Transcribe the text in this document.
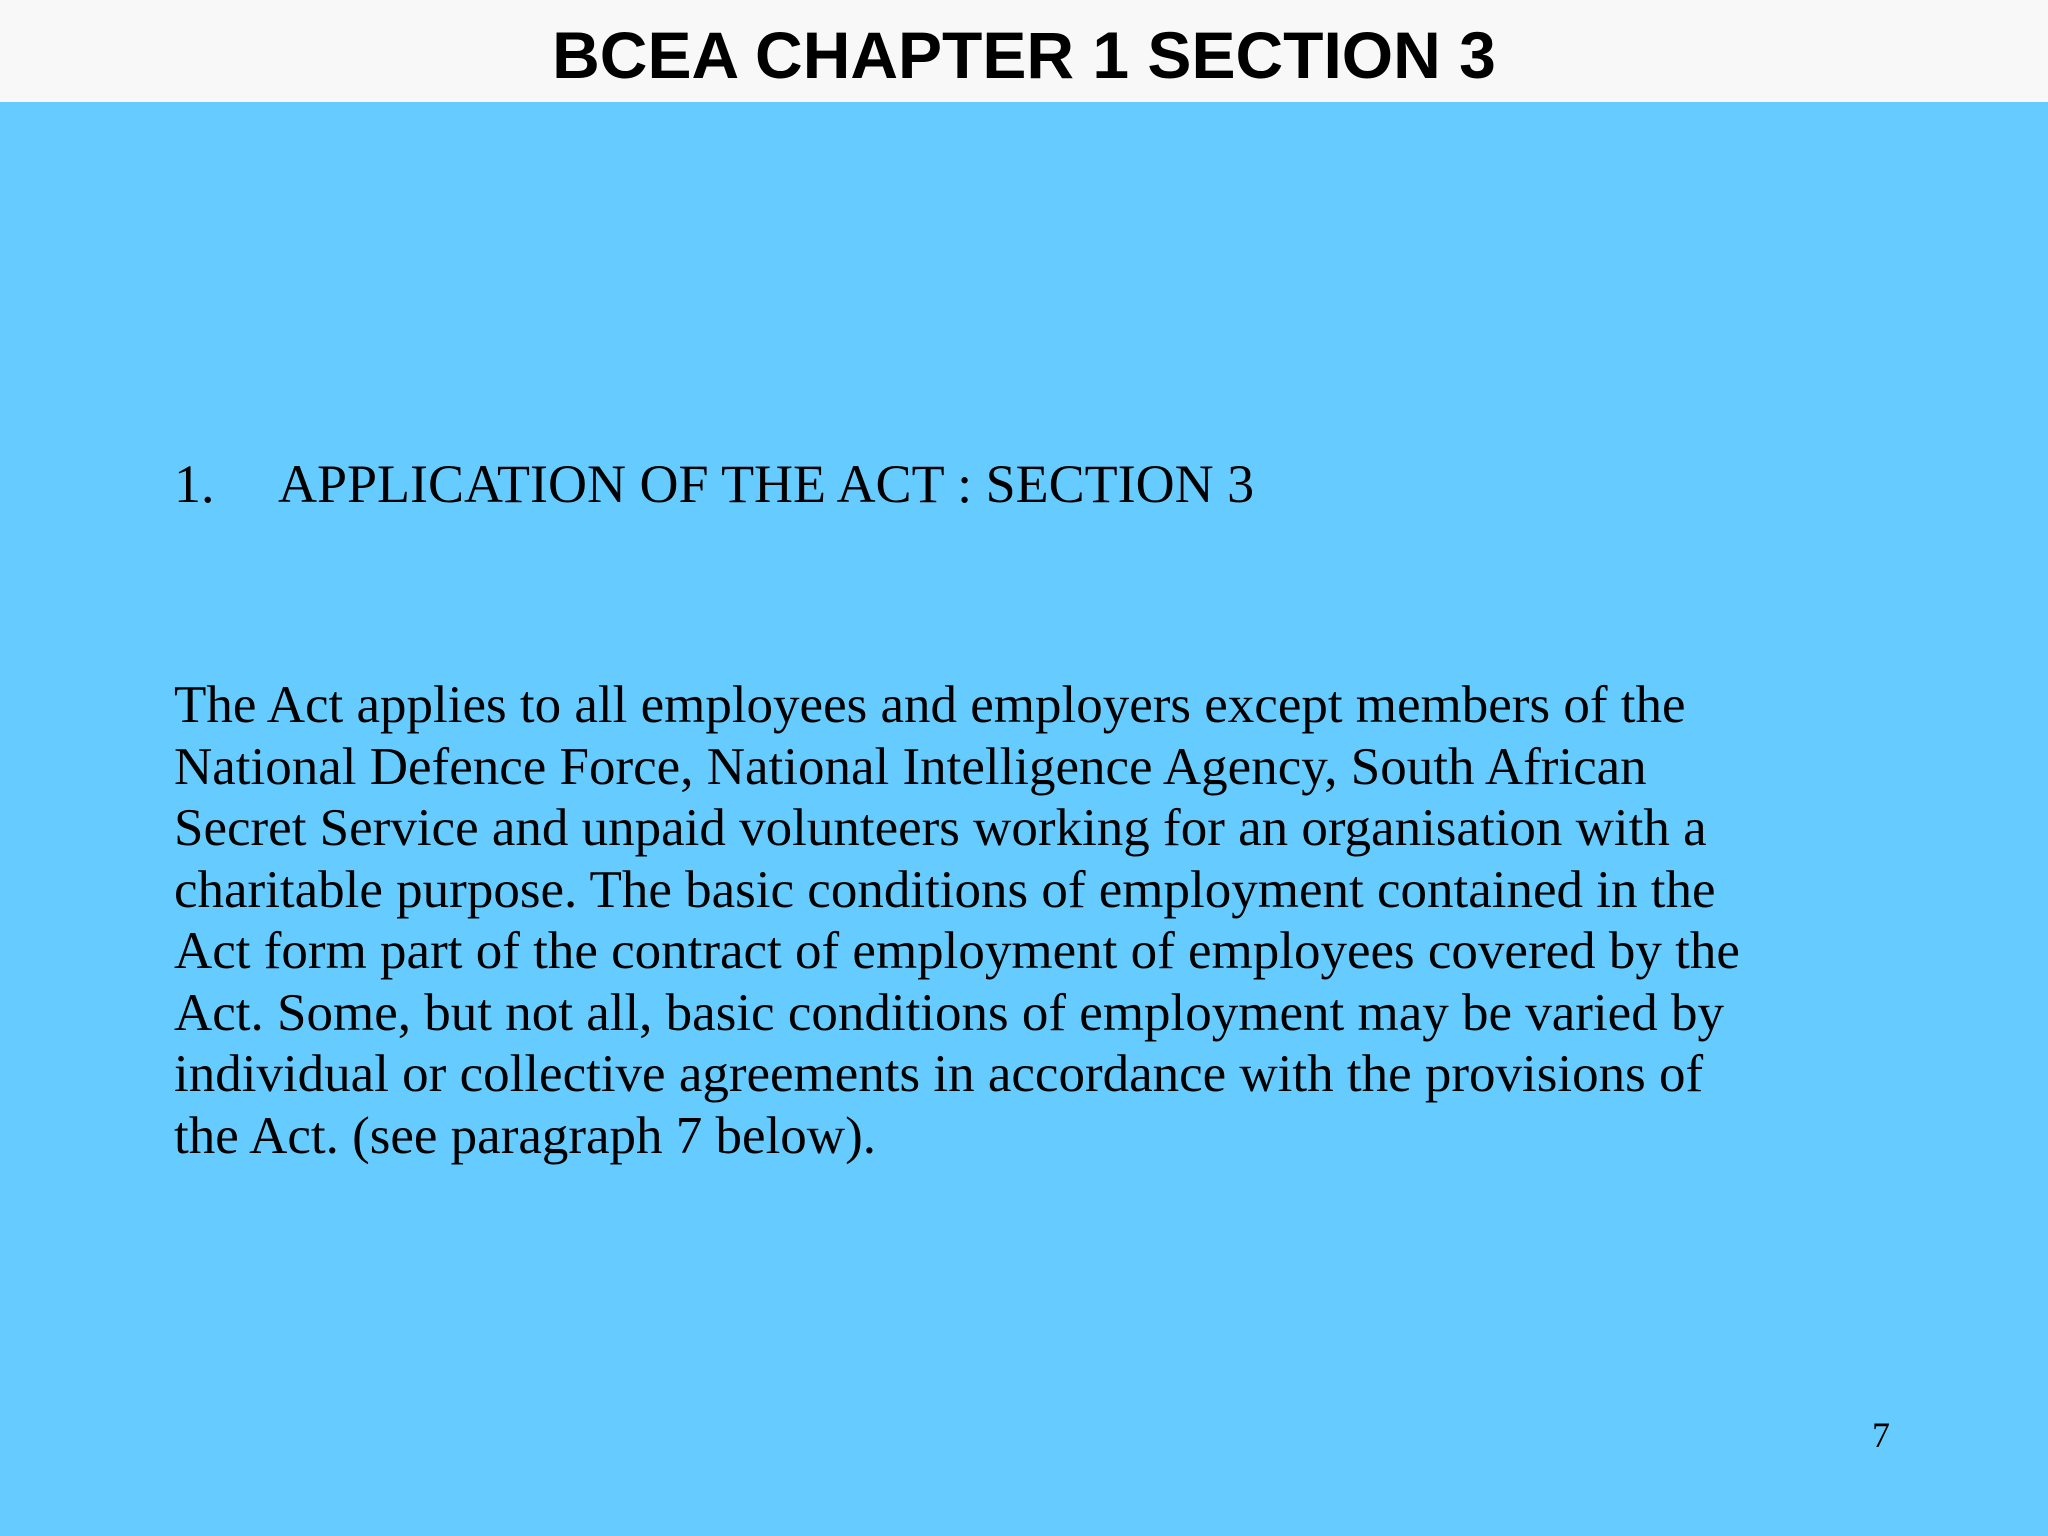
BCEA CHAPTER 1 SECTION 3
1. APPLICATION OF THE ACT : SECTION 3

The Act applies to all employees and employers except members of the
National Defence Force, National Intelligence Agency, South African
Secret Service and unpaid volunteers working for an organisation with a
charitable purpose. The basic conditions of employment contained in the
Act form part of the contract of employment of employees covered by the
Act. Some, but not all, basic conditions of employment may be varied by
individual or collective agreements in accordance with the provisions of
the Act. (see paragraph 7 below).

7
